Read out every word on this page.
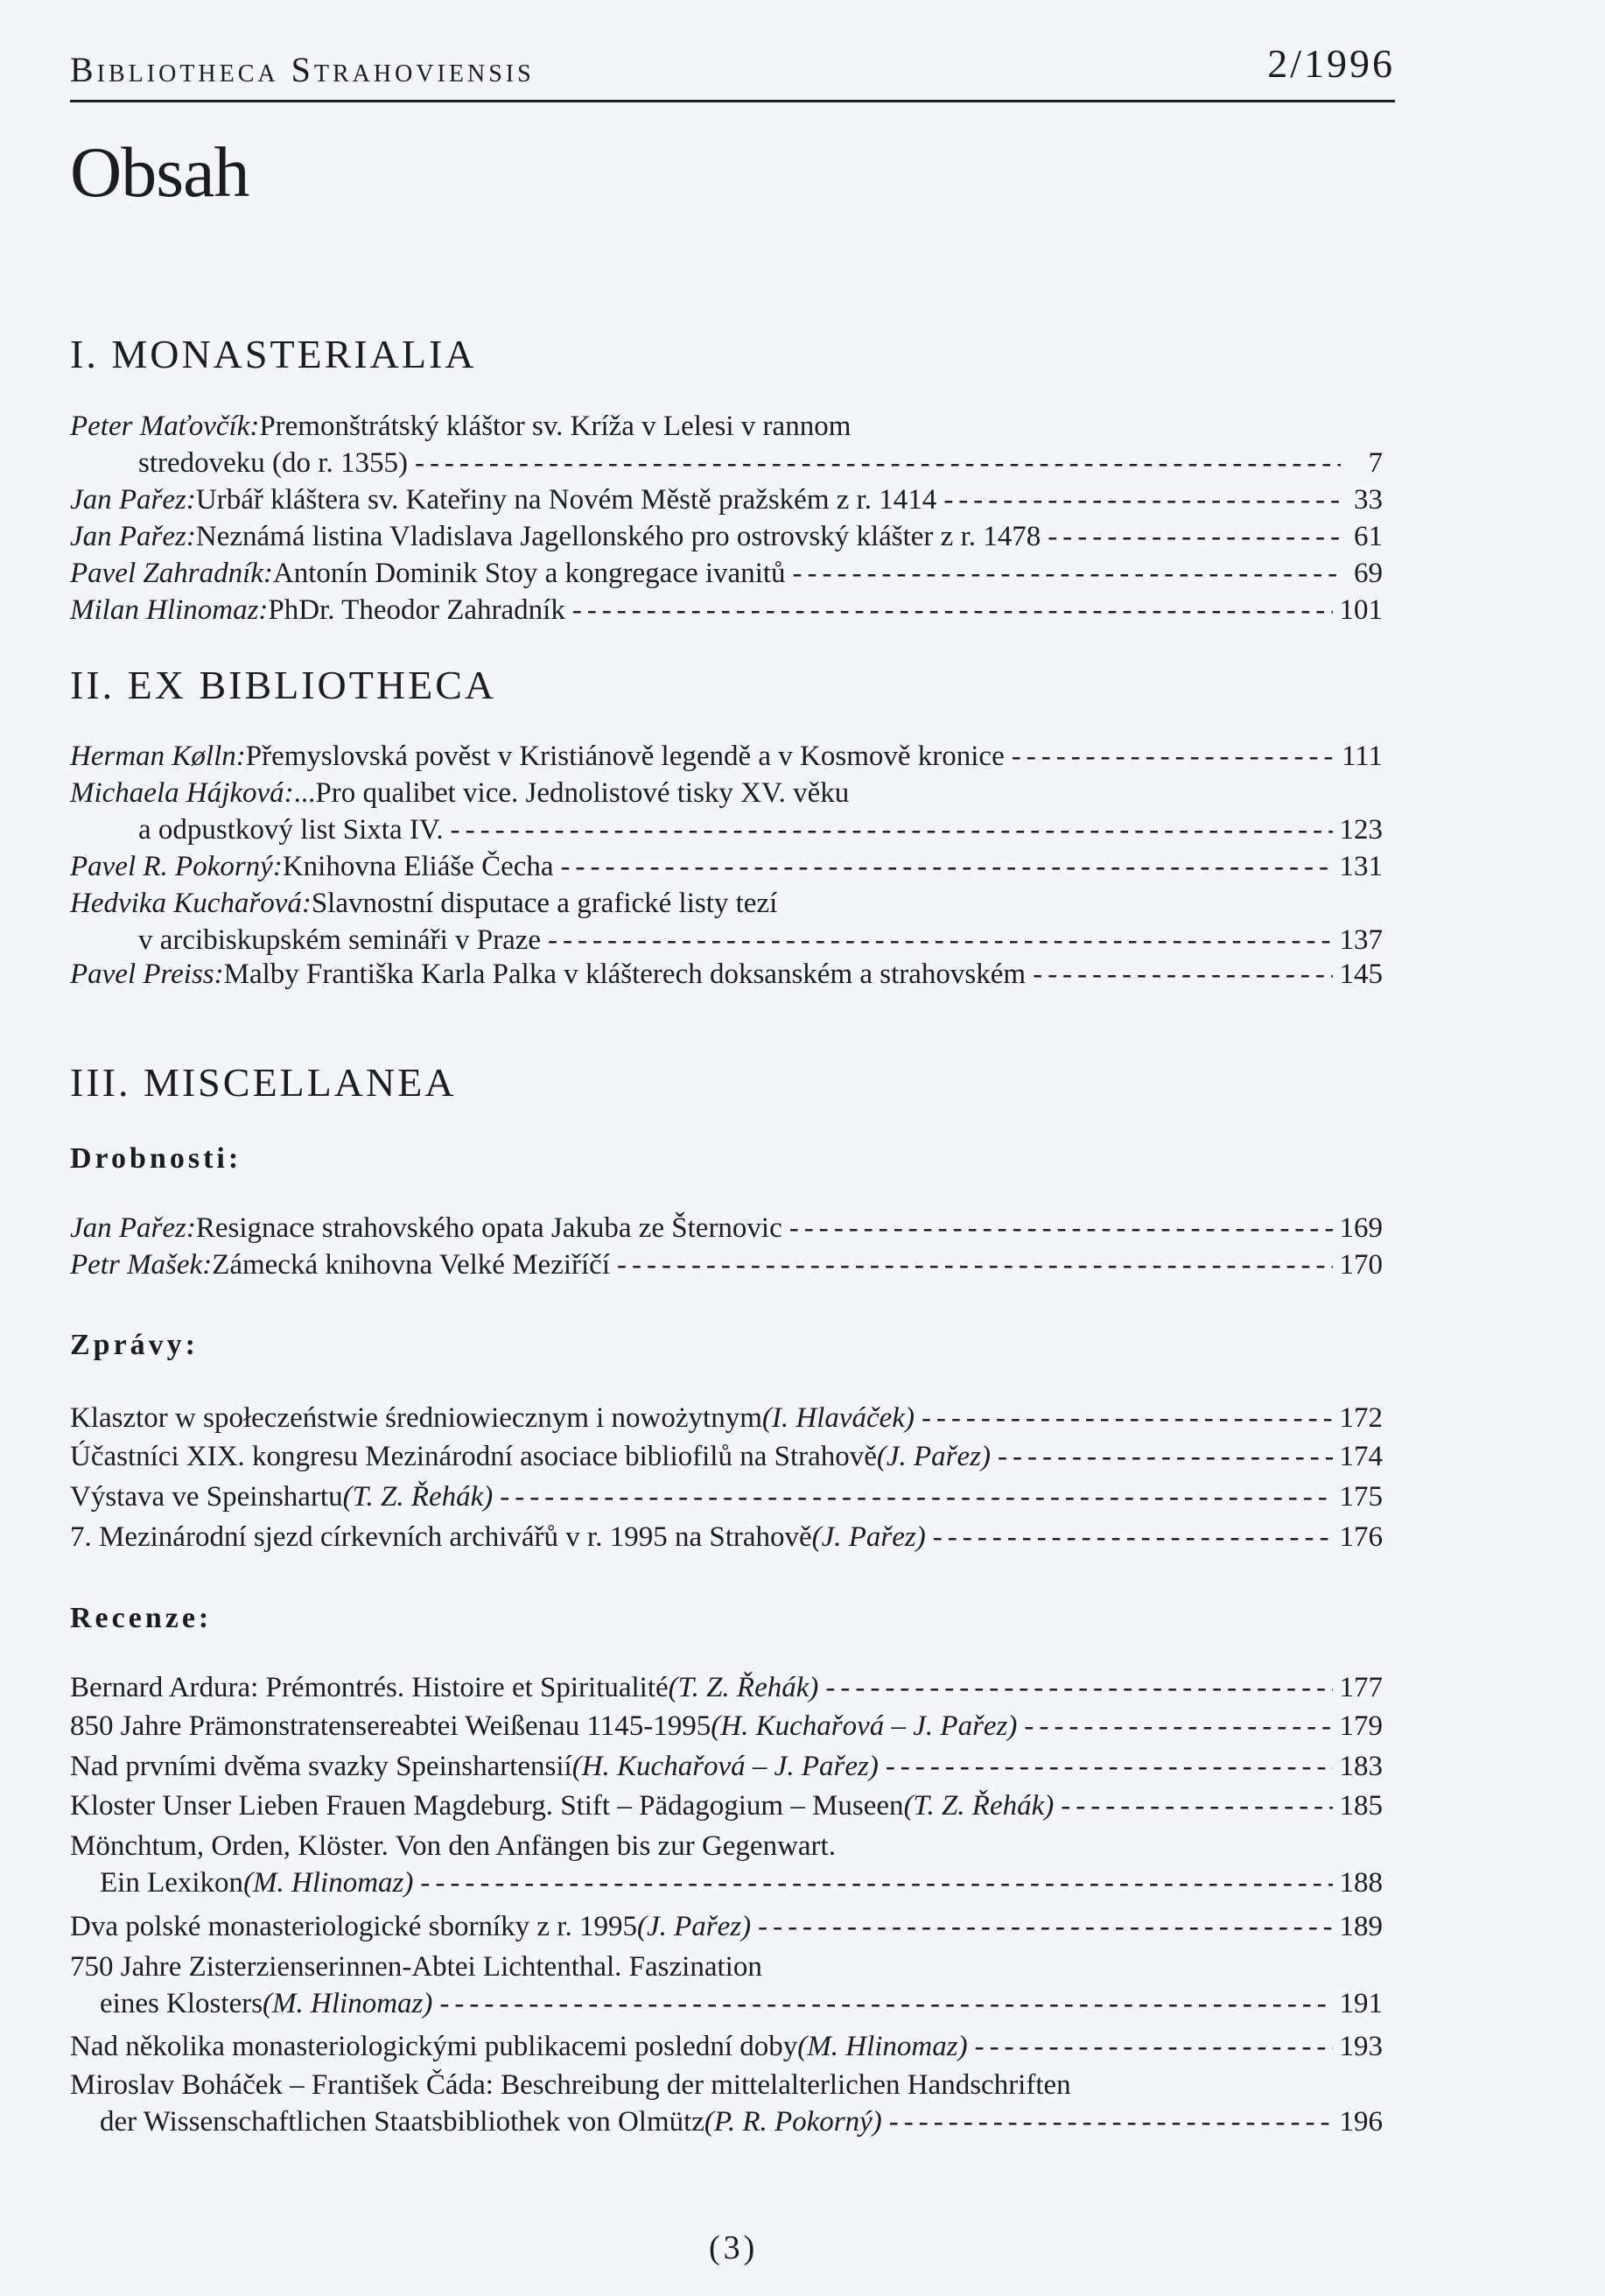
Bibliotheca Strahoviensis	2/1996
Obsah
I. MONASTERIALIA
Peter Maťovčík: Premonštrátský kláštor sv. Kríža v Lelesi v rannom
stredoveku (do r. 1355) -----	7
Jan Pařez: Urbář kláštera sv. Kateřiny na Novém Městě pražském z r. 1414 -----	33
Jan Pařez: Neznámá listina Vladislava Jagellonského pro ostrovský klášter z r. 1478 -----	61
Pavel Zahradník: Antonín Dominik Stoy a kongregace ivanitů -----	69
Milan Hlinomaz: PhDr. Theodor Zahradník -----	101
II. EX BIBLIOTHECA
Herman Kølln: Přemyslovská pověst v Kristiánově legendě a v Kosmově kronice -----	111
Michaela Hájková: ...Pro qualibet vice. Jednolistové tisky XV. věku
a odpustkový list Sixta IV. -----	123
Pavel R. Pokorný: Knihovna Eliáše Čecha -----	131
Hedvika Kuchařová: Slavnostní disputace a grafické listy tezí
v arcibiskupském semináři v Praze -----	137
Pavel Preiss: Malby Františka Karla Palka v klášterech doksanském a strahovském -----	145
III. MISCELLANEA
Drobnosti:
Jan Pařez: Resignace strahovského opata Jakuba ze Šternovic -----	169
Petr Mašek: Zámecká knihovna Velké Meziříčí -----	170
Zprávy:
Klasztor w społeczeństwie średniowiecznym i nowożytnym (I. Hlaváček) -----	172
Účastníci XIX. kongresu Mezinárodní asociace bibliofilů na Strahově (J. Pařez) -----	174
Výstava ve Speinshartu (T. Z. Řehák) -----	175
7. Mezinárodní sjezd církevních archivářů v r. 1995 na Strahově (J. Pařez) -----	176
Recenze:
Bernard Ardura: Prémontrés. Histoire et Spiritualité (T. Z. Řehák) -----	177
850 Jahre Prämonstratensereabtei Weißenau 1145-1995 (H. Kuchařová – J. Pařez) -----	179
Nad prvními dvěma svazky Speinshartensií (H. Kuchařová – J. Pařez) -----	183
Kloster Unser Lieben Frauen Magdeburg. Stift – Pädagogium – Museen (T. Z. Řehák) -----	185
Mönchtum, Orden, Klöster. Von den Anfängen bis zur Gegenwart.
Ein Lexikon (M. Hlinomaz) -----	188
Dva polské monasteriologické sborníky z r. 1995 (J. Pařez) -----	189
750 Jahre Zisterzienserinnen-Abtei Lichtenthal. Faszination
eines Klosters (M. Hlinomaz) -----	191
Nad několika monasteriologickými publikacemi poslední doby (M. Hlinomaz) -----	193
Miroslav Boháček – František Čáda: Beschreibung der mittelalterlichen Handschriften
der Wissenschaftlichen Staatsbibliothek von Olmütz (P. R. Pokorný) -----	196
(3)
